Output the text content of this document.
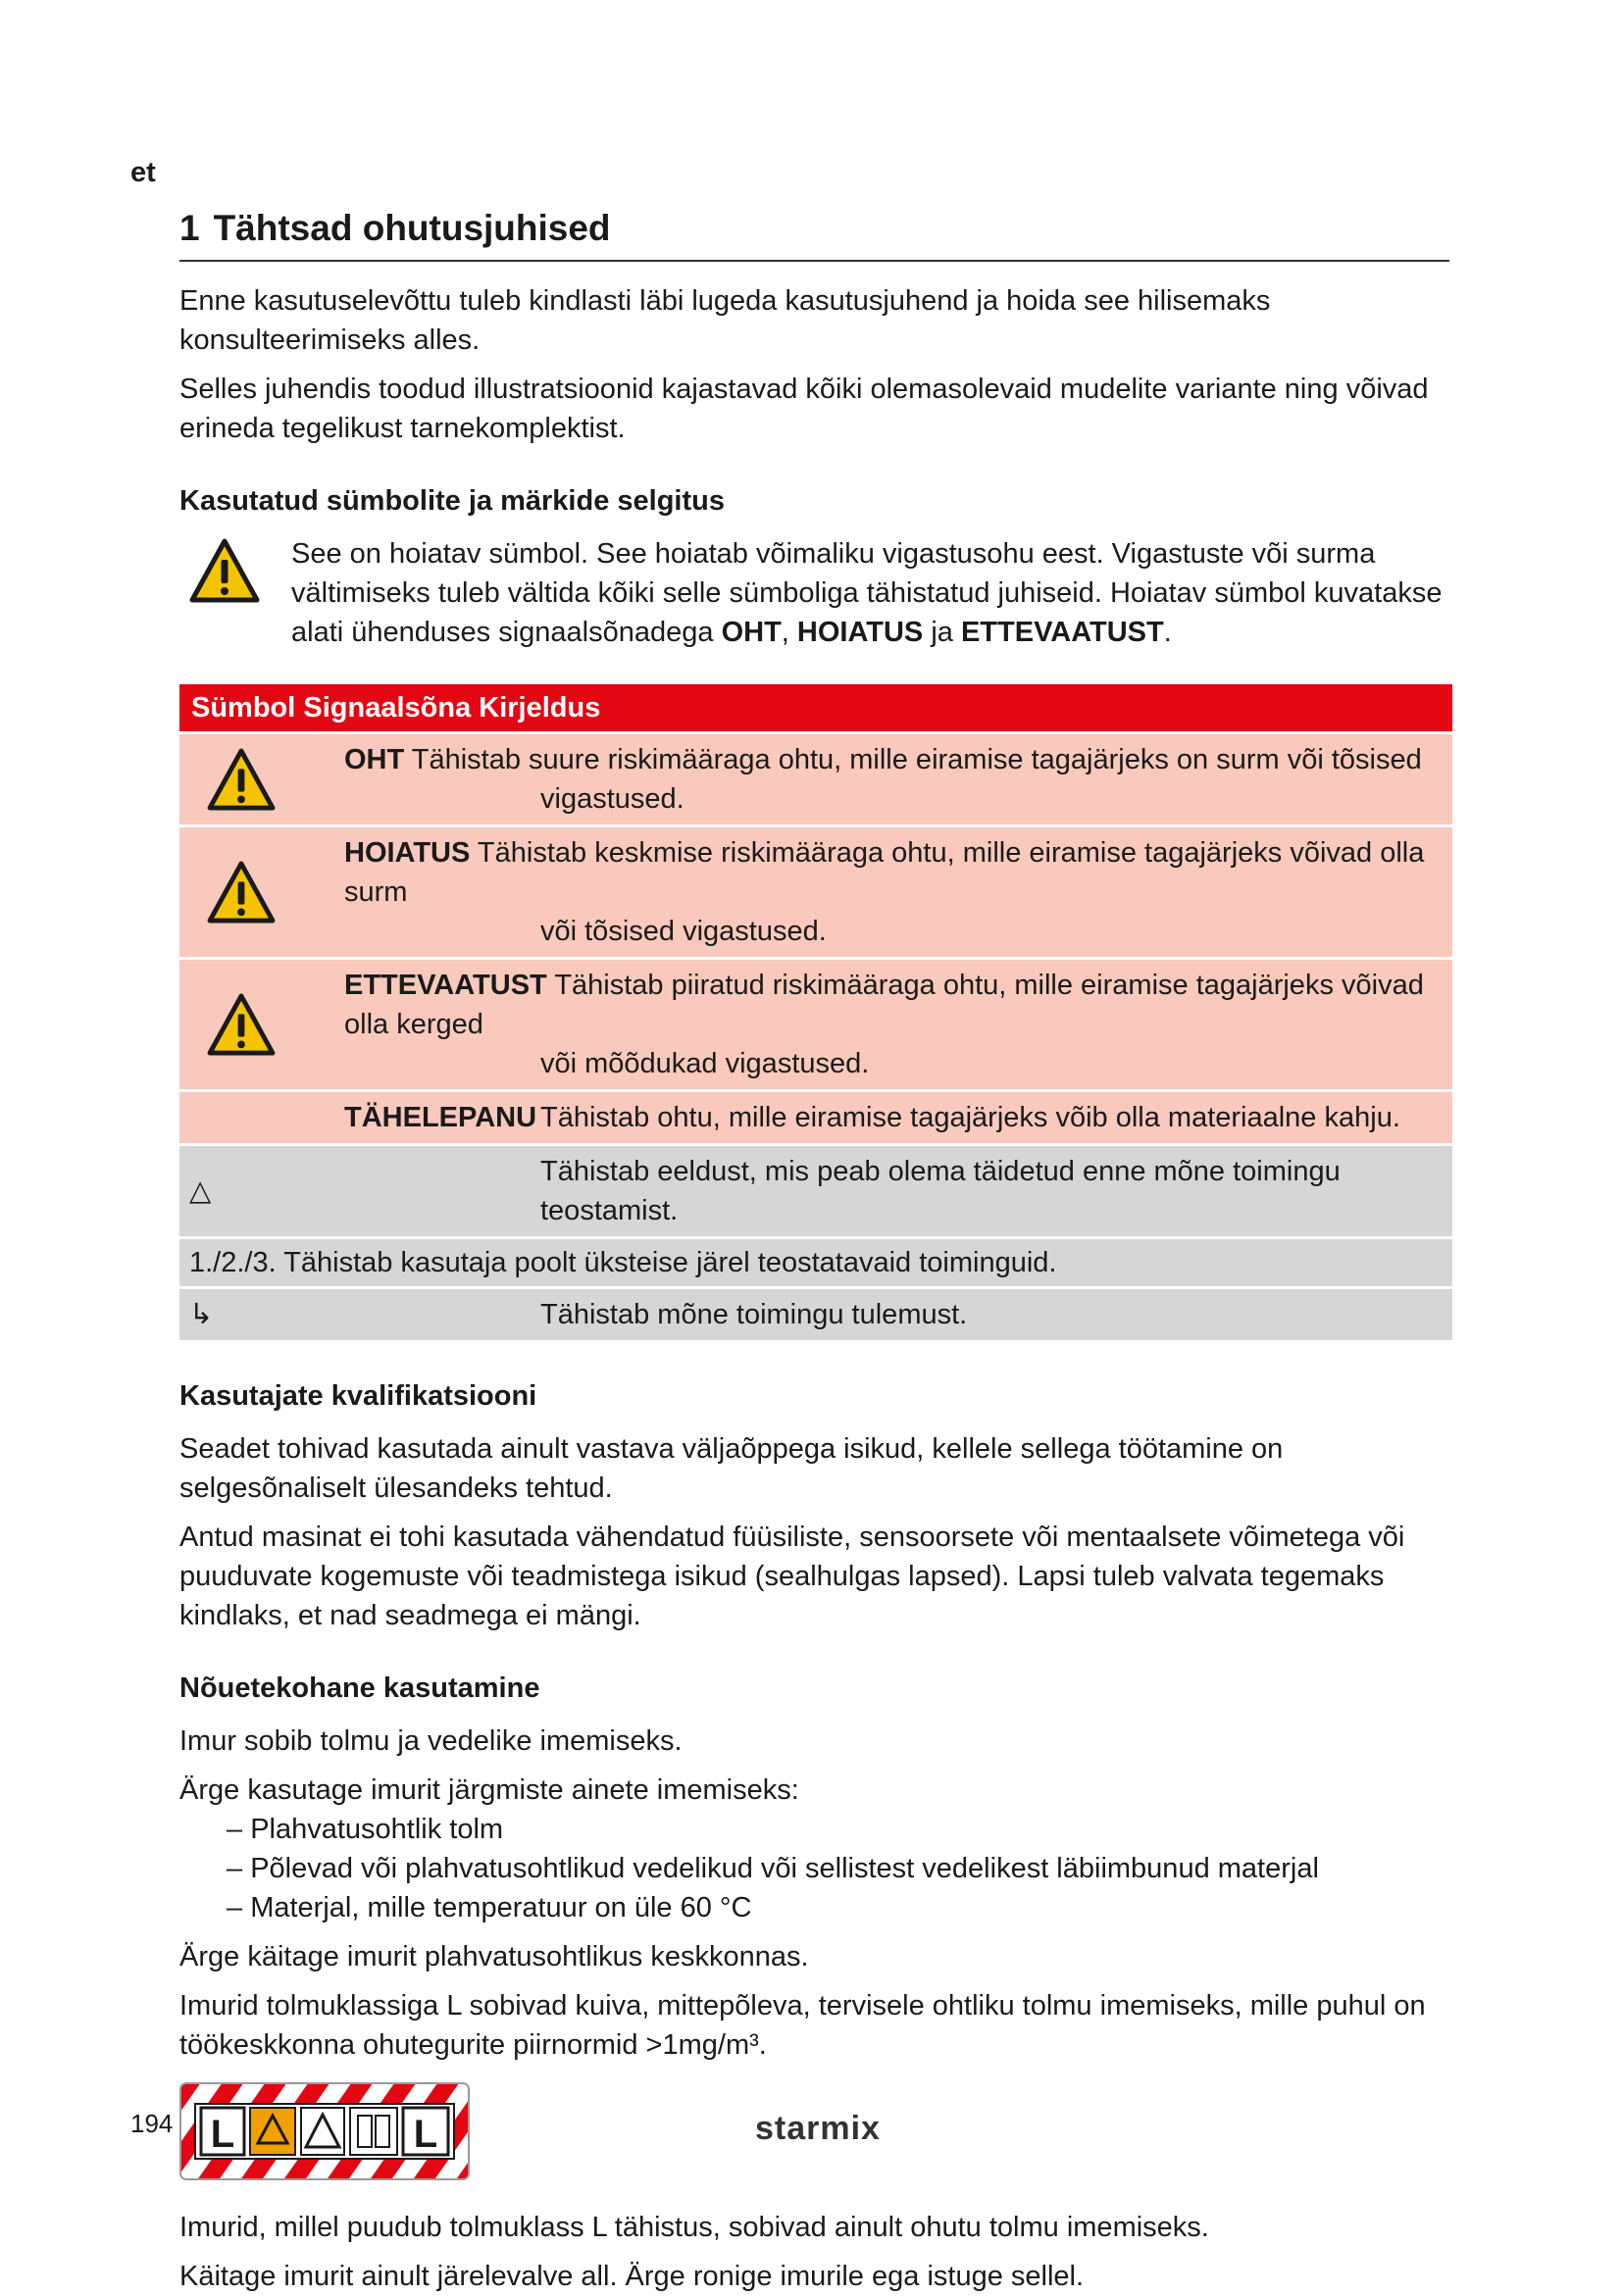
et
1 Tähtsad ohutusjuhised

Enne kasutuselevõttu tuleb kindlasti läbi lugeda kasutusjuhend ja hoida see hilisemaks konsulteerimiseks alles.

Selles juhendis toodud illustratsioonid kajastavad kõiki olemasolevaid mudelite variante ning võivad erineda tegelikust tarnekomplektist.

Kasutatud sümbolite ja märkide selgitus
See on hoiatav sümbol. See hoiatab võimaliku vigastusohu eest. Vigastuste või surma vältimiseks tuleb vältida kõiki selle sümboliga tähistatud juhiseid. Hoiatav sümbol kuvatakse alati ühenduses signaalsõnadega OHT, HOIATUS ja ETTEVAATUST.
Sümbol Signaalsõna Kirjeldus	

	OHT Tähistab suure riskimääraga ohtu, mille eiramise tagajärjeks on surm või tõsised
vigastused.

	HOIATUS Tähistab keskmise riskimääraga ohtu, mille eiramise tagajärjeks võivad olla surm
või tõsised vigastused.

	ETTEVAATUST Tähistab piiratud riskimääraga ohtu, mille eiramise tagajärjeks võivad olla kerged
või mõõdukad vigastused.

	TÄHELEPANU Tähistab ohtu, mille eiramise tagajärjeks võib olla materiaalne kahju.
△	Tähistab eeldust, mis peab olema täidetud enne mõne toimingu teostamist.

1./2./3. Tähistab kasutaja poolt üksteise järel teostatavaid toiminguid.	
↳	Tähistab mõne toimingu tulemust.
Kasutajate kvalifikatsiooni

Seadet tohivad kasutada ainult vastava väljaõppega isikud, kellele sellega töötamine on selgesõnaliselt ülesandeks tehtud.

Antud masinat ei tohi kasutada vähendatud füüsiliste, sensoorsete või mentaalsete võimetega või puuduvate kogemuste või teadmistega isikud (sealhulgas lapsed). Lapsi tuleb valvata tegemaks kindlaks, et nad seadmega ei mängi.

Nõuetekohane kasutamine

Imur sobib tolmu ja vedelike imemiseks.

Ärge kasutage imurit järgmiste ainete imemiseks:

– Plahvatusohtlik tolm
– Põlevad või plahvatusohtlikud vedelikud või sellistest vedelikest läbiimbunud materjal
– Materjal, mille temperatuur on üle 60 °C

Ärge käitage imurit plahvatusohtlikus keskkonnas.

Imurid tolmuklassiga L sobivad kuiva, mittepõleva, tervisele ohtliku tolmu imemiseks, mille puhul on töökeskkonna ohutegurite piirnormid >1mg/m³.

L	L

Imurid, millel puudub tolmuklass L tähistus, sobivad ainult ohutu tolmu imemiseks.

Käitage imurit ainult järelevalve all. Ärge ronige imurile ega istuge sellel.

194	starmix
